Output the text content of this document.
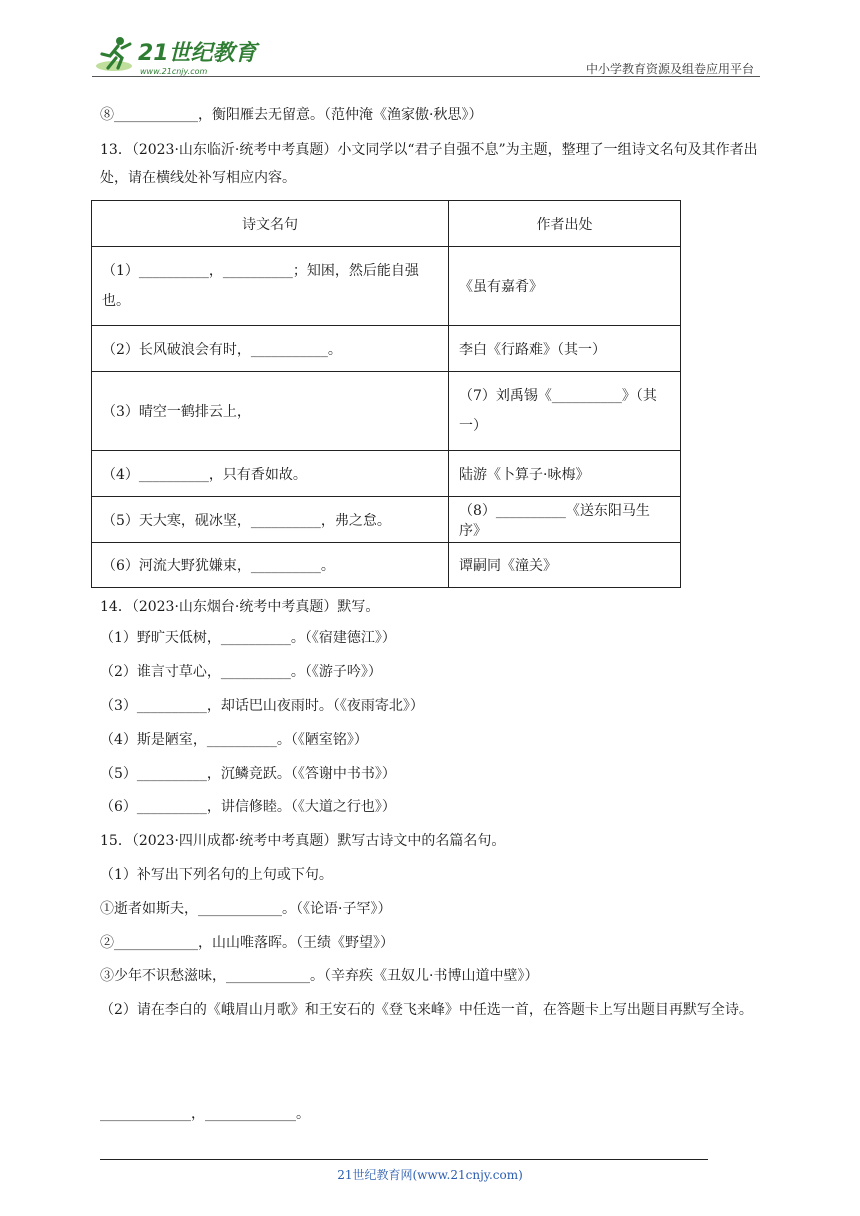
21世纪教育
www.21cnjy.com	中小学教育资源及组卷应用平台
⑧____________，衡阳雁去无留意。（范仲淹《渔家傲·秋思》）
13．（2023·山东临沂·统考中考真题）小文同学以“君子自强不息”为主题，整理了一组诗文名句及其作者出处，请在横线处补写相应内容。
诗文名句	作者出处
（1）__________，__________；知困，然后能自强也。	《虽有嘉肴》
（2）长风破浪会有时，___________。	李白《行路难》（其一）
（3）晴空一鹤排云上，	（7）刘禹锡《__________》（其一）
（4）__________，只有香如故。	陆游《卜算子·咏梅》
（5）天大寒，砚冰坚，__________，弗之怠。	（8）__________《送东阳马生序》
（6）河流大野犹嫌束，__________。	谭嗣同《潼关》
14．（2023·山东烟台·统考中考真题）默写。
（1）野旷天低树，__________。（《宿建德江》）
（2）谁言寸草心，__________。（《游子吟》）
（3）__________，却话巴山夜雨时。（《夜雨寄北》）
（4）斯是陋室，__________。（《陋室铭》）
（5）__________，沉鳞竞跃。（《答谢中书书》）
（6）__________，讲信修睦。（《大道之行也》）
15．（2023·四川成都·统考中考真题）默写古诗文中的名篇名句。
（1）补写出下列名句的上句或下句。
①逝者如斯夫，____________。（《论语·子罕》）
②____________，山山唯落晖。（王绩《野望》）
③少年不识愁滋味，____________。（辛弃疾《丑奴儿·书博山道中壁》）
（2）请在李白的《峨眉山月歌》和王安石的《登飞来峰》中任选一首，在答题卡上写出题目再默写全诗。
_____________，_____________。
21世纪教育网(www.21cnjy.com)
